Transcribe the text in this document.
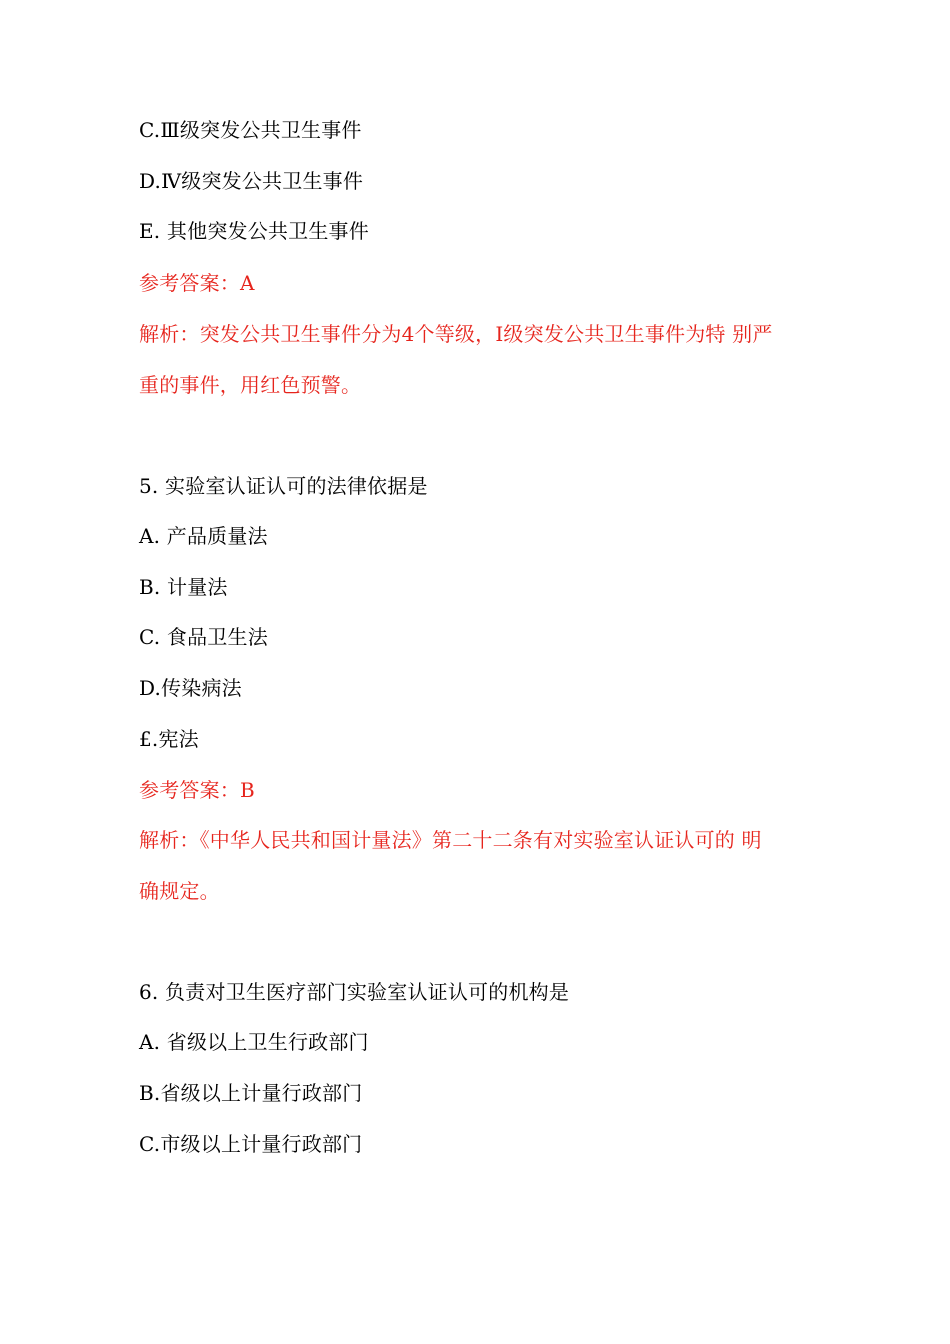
C.Ⅲ级突发公共卫生事件
D.Ⅳ级突发公共卫生事件
E. 其他突发公共卫生事件
参考答案：A
解析：突发公共卫生事件分为4个等级，I级突发公共卫生事件为特 别严
重的事件，用红色预警。
5. 实验室认证认可的法律依据是
A. 产品质量法
B. 计量法
C. 食品卫生法
D.传染病法
£.宪法
参考答案：B
解析：《中华人民共和国计量法》第二十二条有对实验室认证认可的 明
确规定。
6. 负责对卫生医疗部门实验室认证认可的机构是
A. 省级以上卫生行政部门
B.省级以上计量行政部门
C.市级以上计量行政部门
